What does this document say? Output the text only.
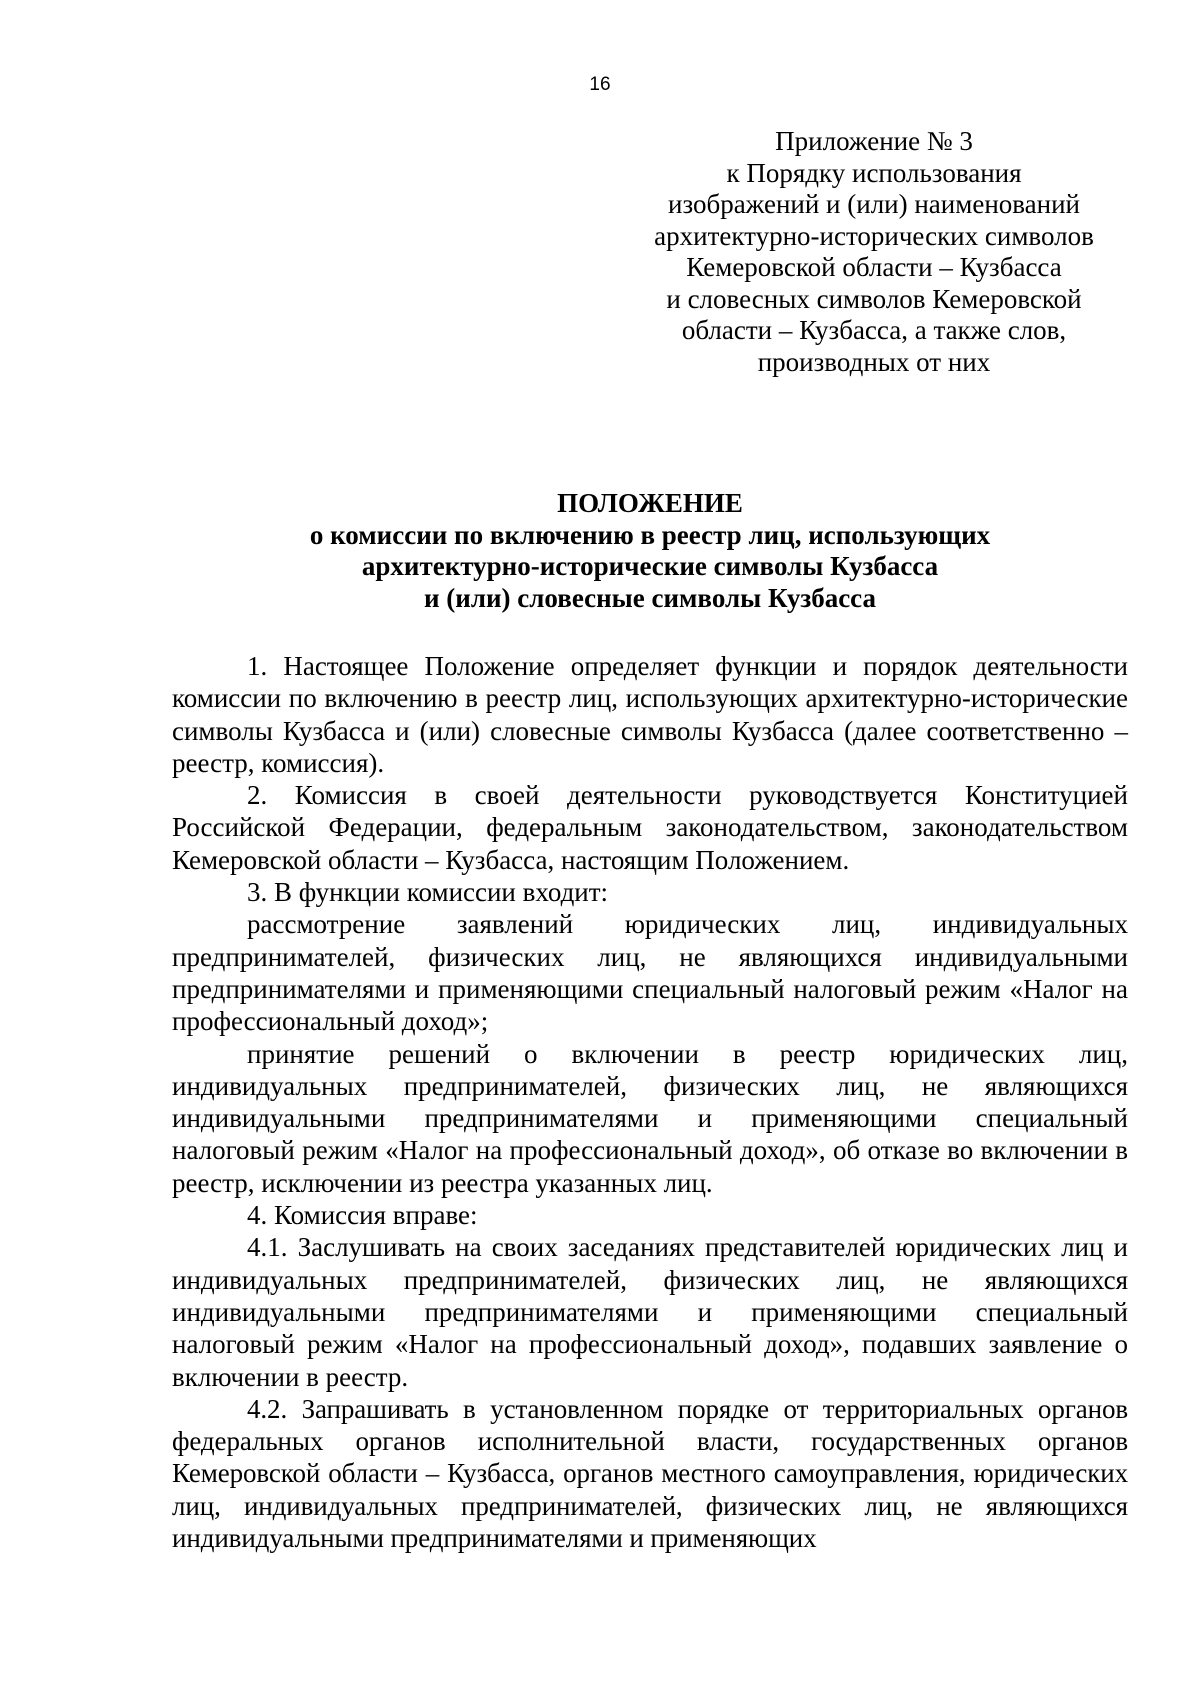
16
Приложение № 3
к Порядку использования
изображений и (или) наименований
архитектурно-исторических символов
Кемеровской области – Кузбасса
и словесных символов Кемеровской
области – Кузбасса, а также слов,
производных от них
ПОЛОЖЕНИЕ
о комиссии по включению в реестр лиц, использующих
архитектурно-исторические символы Кузбасса
и (или) словесные символы Кузбасса

1. Настоящее Положение определяет функции и порядок деятельности комиссии по включению в реестр лиц, использующих архитектурно-исторические символы Кузбасса и (или) словесные символы Кузбасса (далее соответственно – реестр, комиссия).

2. Комиссия в своей деятельности руководствуется Конституцией Российской Федерации, федеральным законодательством, законодательством Кемеровской области – Кузбасса, настоящим Положением.

3. В функции комиссии входит:

рассмотрение заявлений юридических лиц, индивидуальных предпринимателей, физических лиц, не являющихся индивидуальными предпринимателями и применяющими специальный налоговый режим «Налог на профессиональный доход»;

принятие решений о включении в реестр юридических лиц, индивидуальных предпринимателей, физических лиц, не являющихся индивидуальными предпринимателями и применяющими специальный налоговый режим «Налог на профессиональный доход», об отказе во включении в реестр, исключении из реестра указанных лиц.

4. Комиссия вправе:

4.1. Заслушивать на своих заседаниях представителей юридических лиц и индивидуальных предпринимателей, физических лиц, не являющихся индивидуальными предпринимателями и применяющими специальный налоговый режим «Налог на профессиональный доход», подавших заявление о включении в реестр.

4.2. Запрашивать в установленном порядке от территориальных органов федеральных органов исполнительной власти, государственных органов Кемеровской области – Кузбасса, органов местного самоуправления, юридических лиц, индивидуальных предпринимателей, физических лиц, не являющихся индивидуальными предпринимателями и применяющих
